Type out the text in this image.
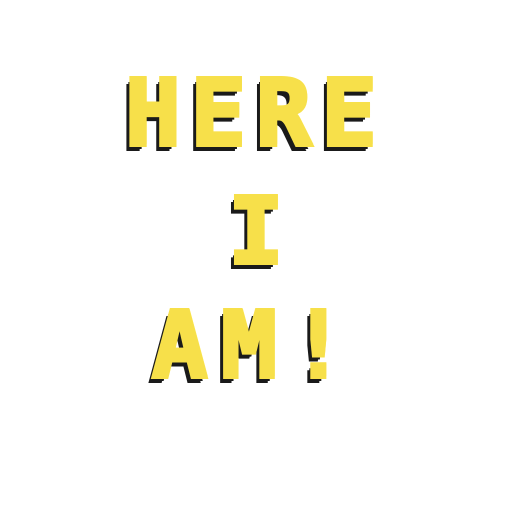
HERE
I
AM!
